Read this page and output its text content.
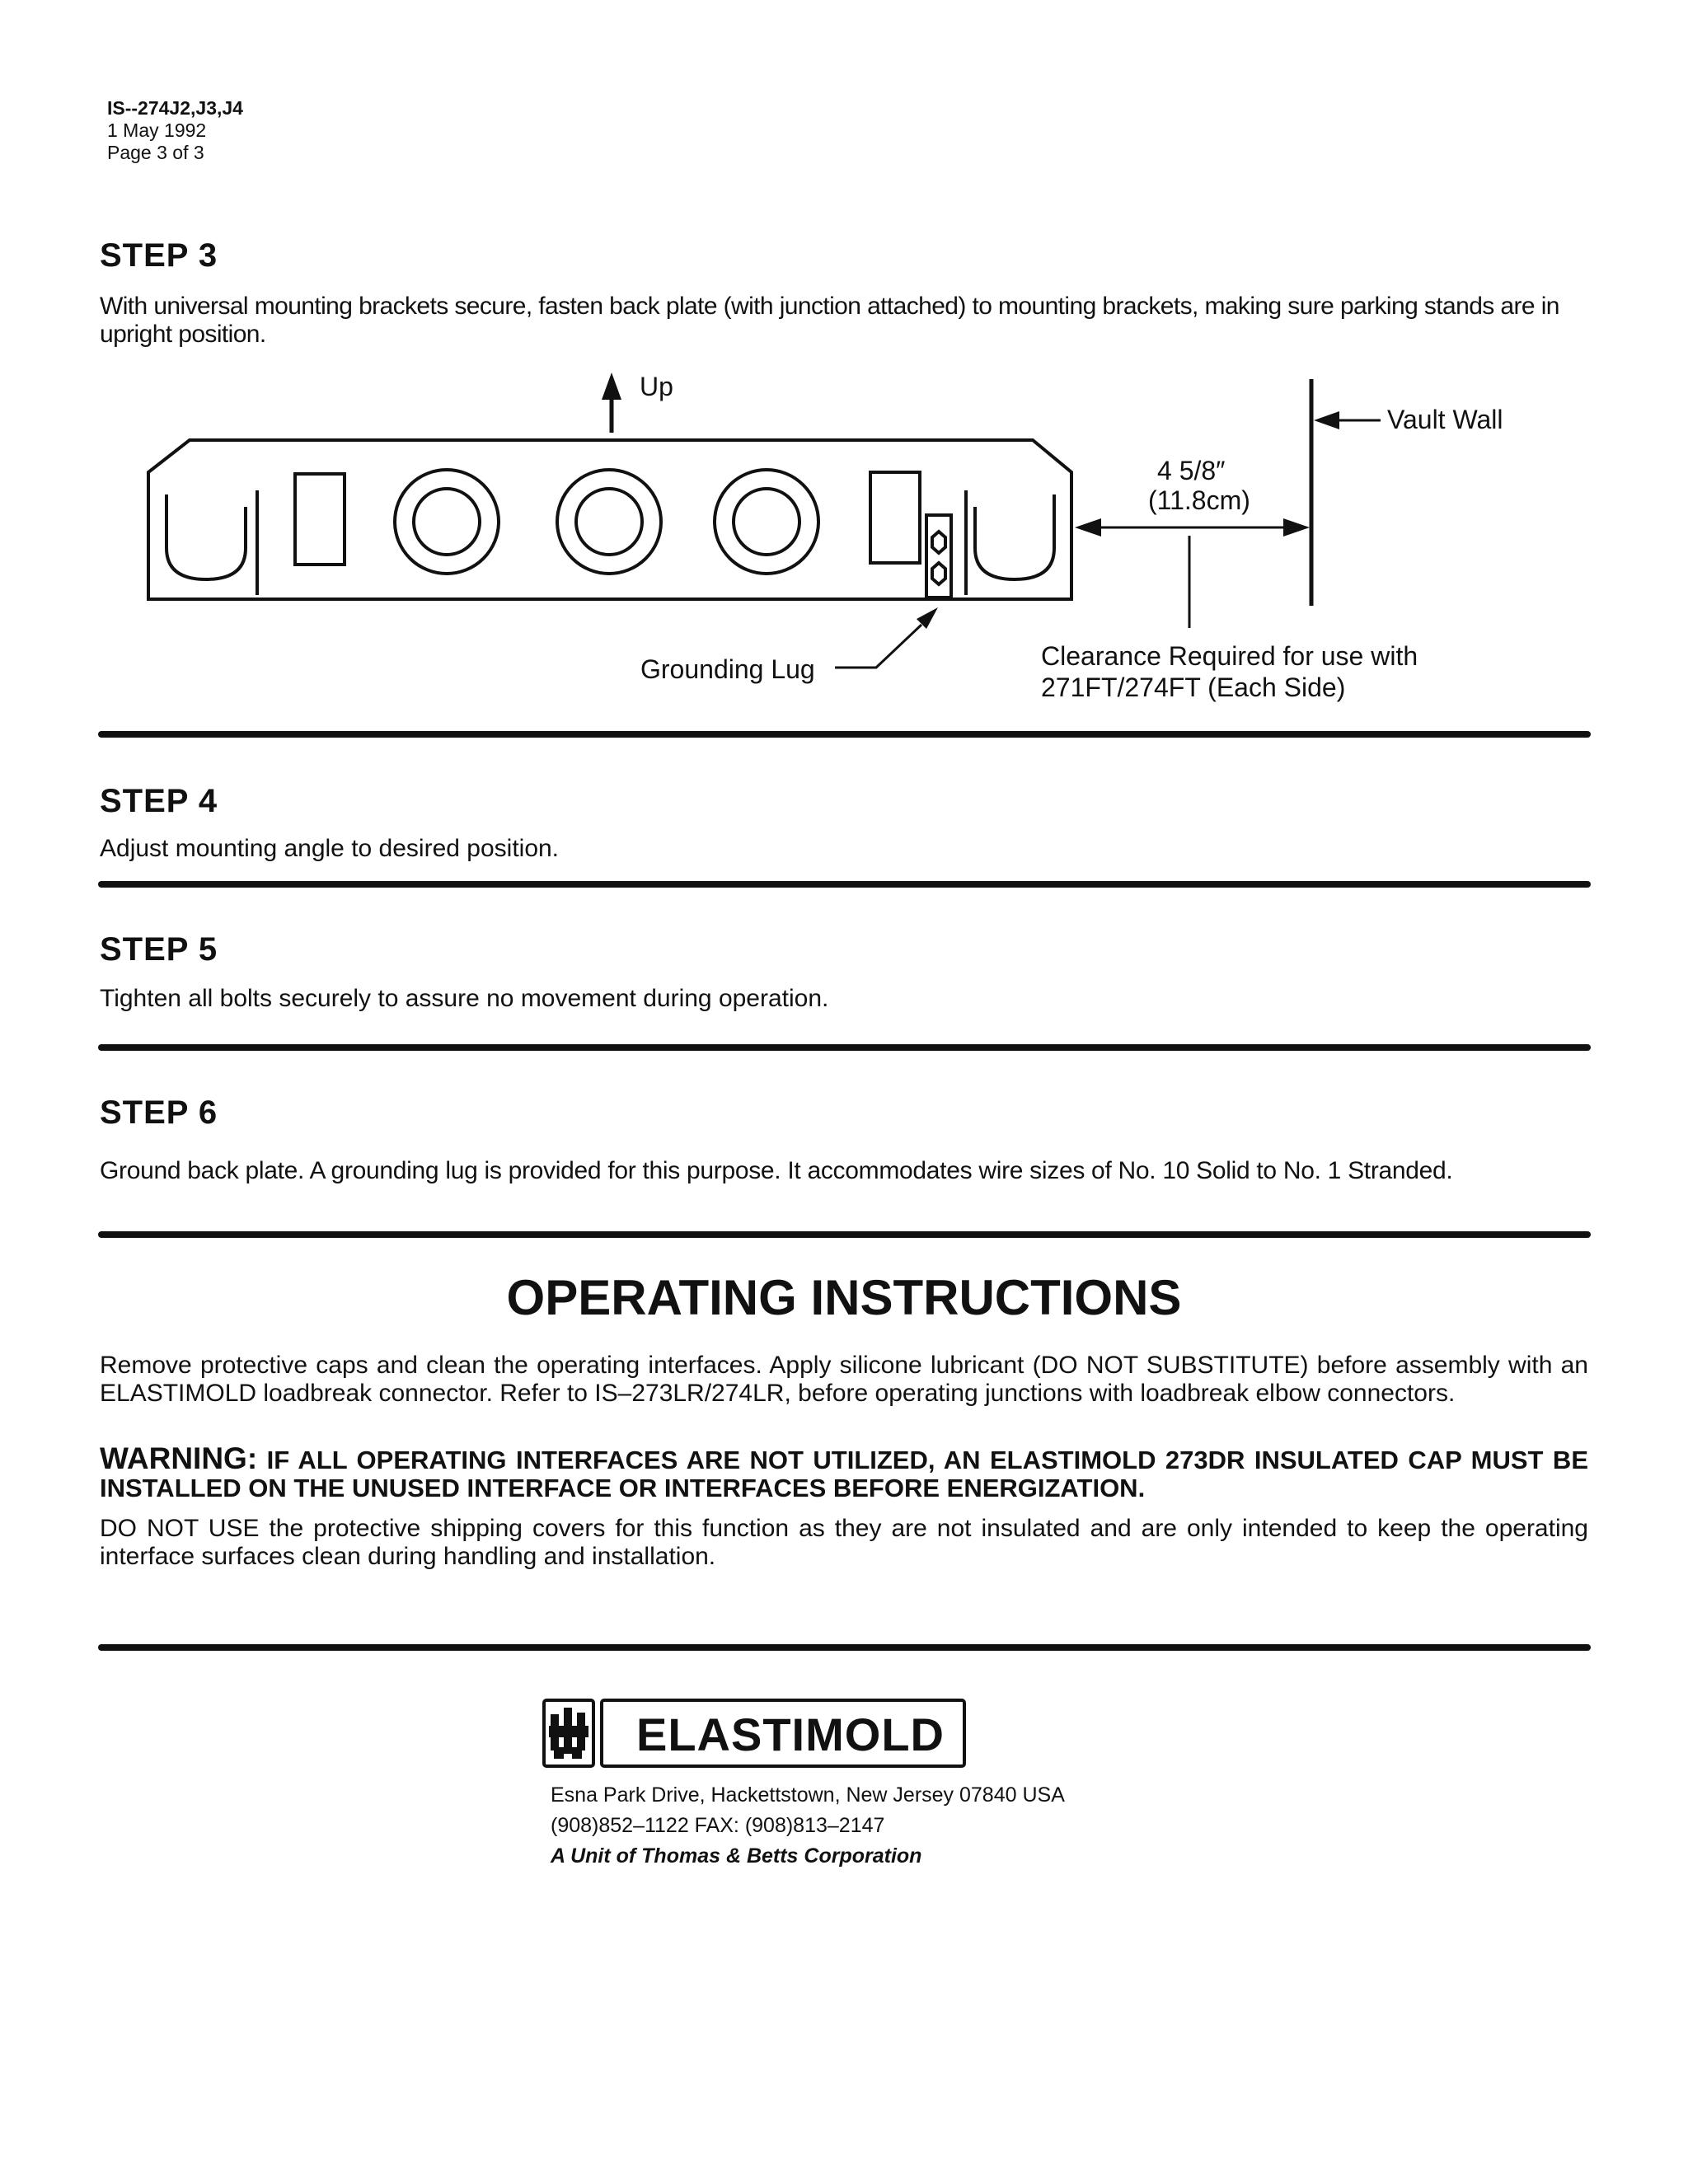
IS--274J2,J3,J4
1 May 1992
Page 3 of 3
STEP 3
With universal mounting brackets secure, fasten back plate (with junction attached) to mounting brackets, making sure parking stands are in upright position.
Up
Vault Wall
4 5/8″
(11.8cm)
Grounding Lug	Clearance Required for use with
271FT/274FT (Each Side)
STEP 4
Adjust mounting angle to desired position.
STEP 5
Tighten all bolts securely to assure no movement during operation.
STEP 6
Ground back plate. A grounding lug is provided for this purpose. It accommodates wire sizes of No. 10 Solid to No. 1 Stranded.
OPERATING INSTRUCTIONS
Remove protective caps and clean the operating interfaces. Apply silicone lubricant (DO NOT SUBSTITUTE) before assembly with an ELASTIMOLD loadbreak connector. Refer to IS–273LR/274LR, before operating junctions with loadbreak elbow connectors.
WARNING: IF ALL OPERATING INTERFACES ARE NOT UTILIZED, AN ELASTIMOLD 273DR INSULATED CAP MUST BE INSTALLED ON THE UNUSED INTERFACE OR INTERFACES BEFORE ENERGIZATION.
DO NOT USE the protective shipping covers for this function as they are not insulated and are only intended to keep the operating interface surfaces clean during handling and installation.
ELASTIMOLD
Esna Park Drive, Hackettstown, New Jersey 07840 USA
(908)852–1122 FAX: (908)813–2147
A Unit of Thomas & Betts Corporation
